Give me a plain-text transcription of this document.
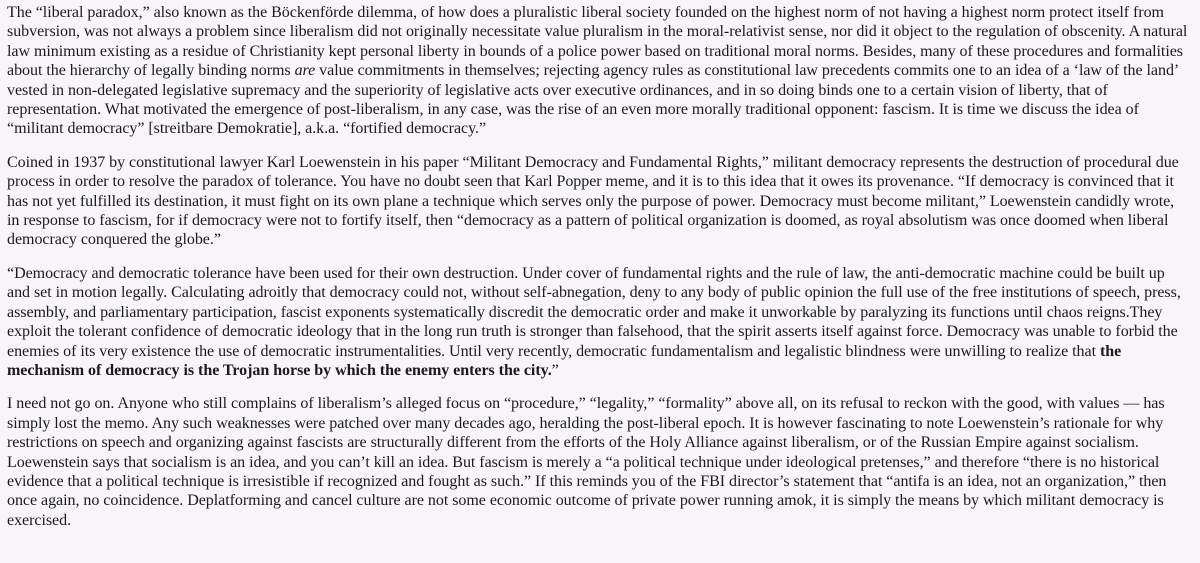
The “liberal paradox,” also known as the Böckenförde dilemma, of how does a pluralistic liberal society founded on the highest norm of not having a highest norm protect itself from subversion, was not always a problem since liberalism did not originally necessitate value pluralism in the moral-relativist sense, nor did it object to the regulation of obscenity. A natural law minimum existing as a residue of Christianity kept personal liberty in bounds of a police power based on traditional moral norms. Besides, many of these procedures and formalities about the hierarchy of legally binding norms are value commitments in themselves; rejecting agency rules as constitutional law precedents commits one to an idea of a ‘law of the land’ vested in non-delegated legislative supremacy and the superiority of legislative acts over executive ordinances, and in so doing binds one to a certain vision of liberty, that of representation. What motivated the emergence of post-liberalism, in any case, was the rise of an even more morally traditional opponent: fascism. It is time we discuss the idea of “militant democracy” [streitbare Demokratie], a.k.a. “fortified democracy.”

Coined in 1937 by constitutional lawyer Karl Loewenstein in his paper “Militant Democracy and Fundamental Rights,” militant democracy represents the destruction of procedural due process in order to resolve the paradox of tolerance. You have no doubt seen that Karl Popper meme, and it is to this idea that it owes its provenance. “If democracy is convinced that it has not yet fulfilled its destination, it must fight on its own plane a technique which serves only the purpose of power. Democracy must become militant,” Loewenstein candidly wrote, in response to fascism, for if democracy were not to fortify itself, then “democracy as a pattern of political organization is doomed, as royal absolutism was once doomed when liberal democracy conquered the globe.”

“Democracy and democratic tolerance have been used for their own destruction. Under cover of fundamental rights and the rule of law, the anti-democratic machine could be built up and set in motion legally. Calculating adroitly that democracy could not, without self-abnegation, deny to any body of public opinion the full use of the free institutions of speech, press, assembly, and parliamentary participation, fascist exponents systematically discredit the democratic order and make it unworkable by paralyzing its functions until chaos reigns.They exploit the tolerant confidence of democratic ideology that in the long run truth is stronger than falsehood, that the spirit asserts itself against force. Democracy was unable to forbid the enemies of its very existence the use of democratic instrumentalities. Until very recently, democratic fundamentalism and legalistic blindness were unwilling to realize that the mechanism of democracy is the Trojan horse by which the enemy enters the city.”

I need not go on. Anyone who still complains of liberalism’s alleged focus on “procedure,” “legality,” “formality” above all, on its refusal to reckon with the good, with values — has simply lost the memo. Any such weaknesses were patched over many decades ago, heralding the post-liberal epoch. It is however fascinating to note Loewenstein’s rationale for why restrictions on speech and organizing against fascists are structurally different from the efforts of the Holy Alliance against liberalism, or of the Russian Empire against socialism. Loewenstein says that socialism is an idea, and you can’t kill an idea. But fascism is merely a “a political technique under ideological pretenses,” and therefore “there is no historical evidence that a political technique is irresistible if recognized and fought as such.” If this reminds you of the FBI director’s statement that “antifa is an idea, not an organization,” then once again, no coincidence. Deplatforming and cancel culture are not some economic outcome of private power running amok, it is simply the means by which militant democracy is exercised.
